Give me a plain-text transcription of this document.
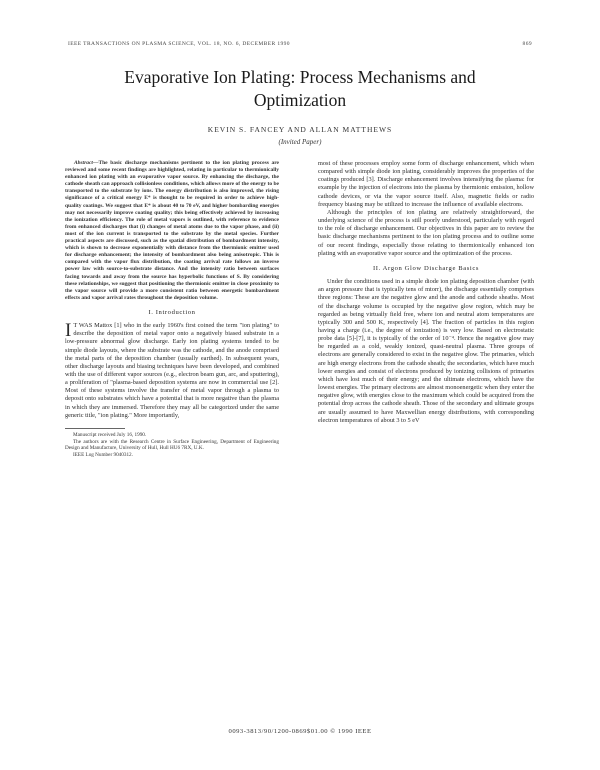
IEEE TRANSACTIONS ON PLASMA SCIENCE, VOL. 18, NO. 6, DECEMBER 1990	869
Evaporative Ion Plating: Process Mechanisms and
Optimization
KEVIN S. FANCEY AND ALLAN MATTHEWS
(Invited Paper)

Abstract—The basic discharge mechanisms pertinent to the ion plating process are reviewed and some recent findings are highlighted, relating in particular to thermionically enhanced ion plating with an evaporative vapor source. By enhancing the discharge, the cathode sheath can approach collisionless conditions, which allows more of the energy to be transported to the substrate by ions. The energy distribution is also improved, the rising significance of a critical energy E* is thought to be required in order to achieve high-quality coatings. We suggest that E* is about 40 to 70 eV, and higher bombarding energies may not necessarily improve coating quality; this being effectively achieved by increasing the ionization efficiency. The role of metal vapors is outlined, with reference to evidence from enhanced discharges that (i) changes of metal atoms due to the vapor phase, and (ii) most of the ion current is transported to the substrate by the metal species. Further practical aspects are discussed, such as the spatial distribution of bombardment intensity, which is shown to decrease exponentially with distance from the thermionic emitter used for discharge enhancement; the intensity of bombardment also being anisotropic. This is compared with the vapor flux distribution, the coating arrival rate follows an inverse power law with source-to-substrate distance. And the intensity ratio between surfaces facing towards and away from the source has hyperbolic functions of S. By considering these relationships, we suggest that positioning the thermionic emitter in close proximity to the vapor source will provide a more consistent ratio between energetic bombardment effects and vapor arrival rates throughout the deposition volume.

I. Introduction

I T WAS Mattox [1] who in the early 1960's first coined the term "ion plating" to describe the deposition of metal vapor onto a negatively biased substrate in a low-pressure abnormal glow discharge. Early ion plating systems tended to be simple diode layouts, where the substrate was the cathode, and the anode comprised the metal parts of the deposition chamber (usually earthed). In subsequent years, other discharge layouts and biasing techniques have been developed, and combined with the use of different vapor sources (e.g., electron beam gun, arc, and sputtering), a proliferation of "plasma-based deposition systems are now in commercial use [2]. Most of these systems involve the transfer of metal vapor through a plasma to deposit onto substrates which have a potential that is more negative than the plasma in which they are immersed. Therefore they may all be categorized under the same generic title, "ion plating." More importantly,

Manuscript received July 16, 1990.

The authors are with the Research Centre in Surface Engineering, Department of Engineering Design and Manufacture, University of Hull, Hull HU6 7RX, U.K.

IEEE Log Number 9040312.

most of these processes employ some form of discharge enhancement, which when compared with simple diode ion plating, considerably improves the properties of the coatings produced [3]. Discharge enhancement involves intensifying the plasma: for example by the injection of electrons into the plasma by thermionic emission, hollow cathode devices, or via the vapor source itself. Also, magnetic fields or radio frequency biasing may be utilized to increase the influence of available electrons.

Although the principles of ion plating are relatively straightforward, the underlying science of the process is still poorly understood, particularly with regard to the role of discharge enhancement. Our objectives in this paper are to review the basic discharge mechanisms pertinent to the ion plating process and to outline some of our recent findings, especially those relating to thermionically enhanced ion plating with an evaporative vapor source and the optimization of the process.

II. Argon Glow Discharge Basics

Under the conditions used in a simple diode ion plating deposition chamber (with an argon pressure that is typically tens of mtorr), the discharge essentially comprises three regions: These are the negative glow and the anode and cathode sheaths. Most of the discharge volume is occupied by the negative glow region, which may be regarded as being virtually field free, where ion and neutral atom temperatures are typically 300 and 500 K, respectively [4]. The fraction of particles in this region having a charge (i.e., the degree of ionization) is very low. Based on electrostatic probe data [5]-[7], it is typically of the order of 10⁻⁴. Hence the negative glow may be regarded as a cold, weakly ionized, quasi-neutral plasma. Three groups of electrons are generally considered to exist in the negative glow. The primaries, which are high energy electrons from the cathode sheath; the secondaries, which have much lower energies and consist of electrons produced by ionizing collisions of primaries which have lost much of their energy; and the ultimate electrons, which have the lowest energies. The primary electrons are almost monoenergetic when they enter the negative glow, with energies close to the maximum which could be acquired from the potential drop across the cathode sheath. Those of the secondary and ultimate groups are usually assumed to have Maxwellian energy distributions, with corresponding electron temperatures of about 3 to 5 eV

0093-3813/90/1200-0869$01.00 © 1990 IEEE
